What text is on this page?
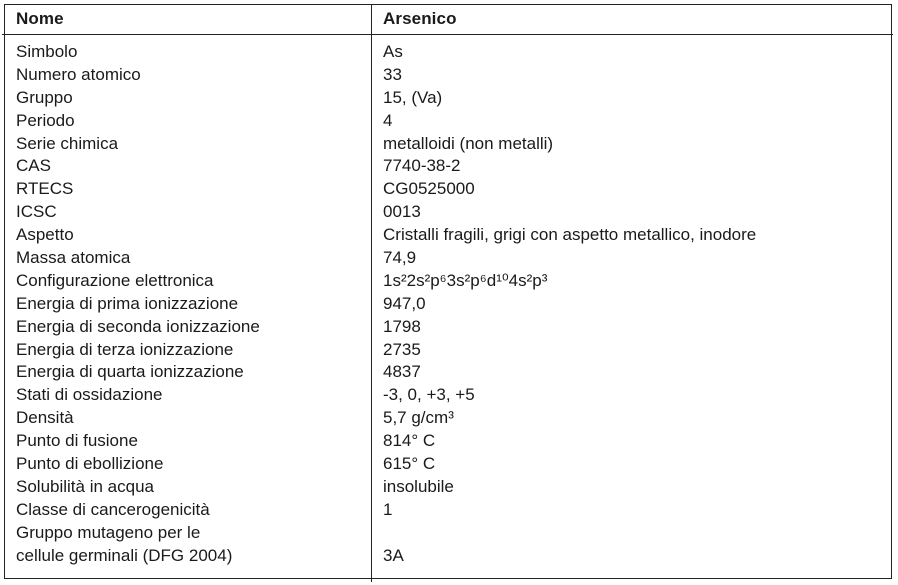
Nome	Arsenico
Simbolo	As
Numero atomico	33
Gruppo	15, (Va)
Periodo	4
Serie chimica	metalloidi (non metalli)
CAS	7740-38-2
RTECS	CG0525000
ICSC	0013
Aspetto	Cristalli fragili, grigi con aspetto metallico, inodore
Massa atomica	74,9
Configurazione elettronica	1s²2s²p⁶3s²p⁶d¹⁰4s²p³
Energia di prima ionizzazione	947,0
Energia di seconda ionizzazione	1798
Energia di terza ionizzazione	2735
Energia di quarta ionizzazione	4837
Stati di ossidazione	-3, 0, +3, +5
Densità	5,7 g/cm³
Punto di fusione	814° C
Punto di ebollizione	615° C
Solubilità in acqua	insolubile
Classe di cancerogenicità	1
Gruppo mutageno per le
cellule germinali (DFG 2004)	3A
